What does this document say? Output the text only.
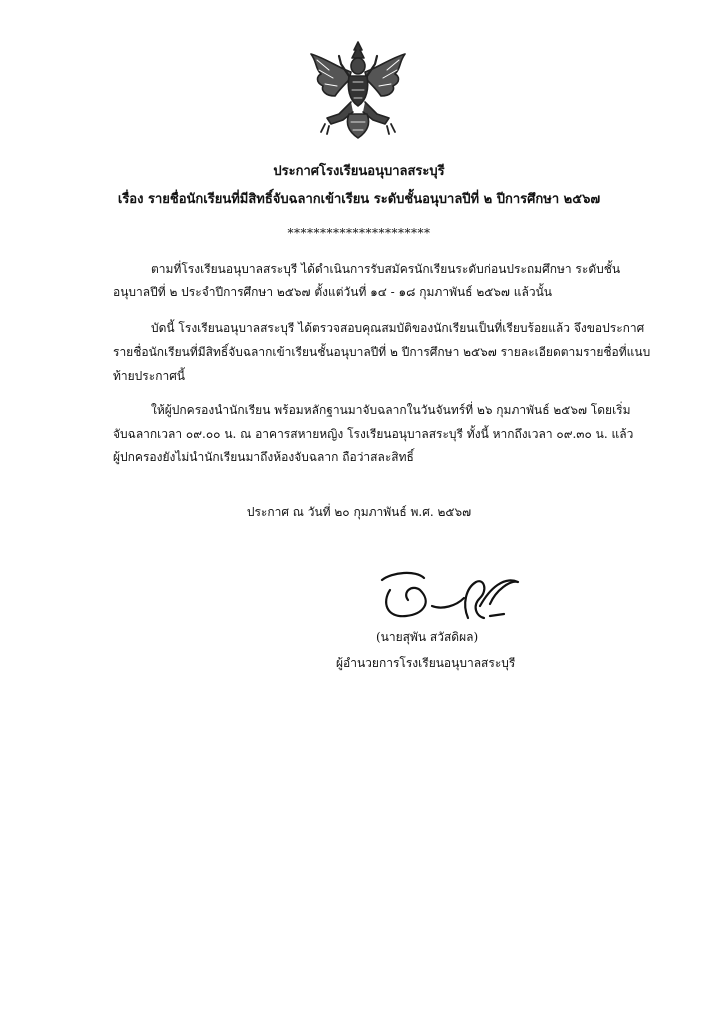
ประกาศโรงเรียนอนุบาลสระบุรี
เรื่อง รายชื่อนักเรียนที่มีสิทธิ์จับฉลากเข้าเรียน ระดับชั้นอนุบาลปีที่ ๒ ปีการศึกษา ๒๕๖๗
**********************
ตามที่โรงเรียนอนุบาลสระบุรี ได้ดำเนินการรับสมัครนักเรียนระดับก่อนประถมศึกษา ระดับชั้น
อนุบาลปีที่ ๒ ประจำปีการศึกษา ๒๕๖๗ ตั้งแต่วันที่ ๑๔ - ๑๘ กุมภาพันธ์ ๒๕๖๗ แล้วนั้น
บัดนี้ โรงเรียนอนุบาลสระบุรี ได้ตรวจสอบคุณสมบัติของนักเรียนเป็นที่เรียบร้อยแล้ว จึงขอประกาศ
รายชื่อนักเรียนที่มีสิทธิ์จับฉลากเข้าเรียนชั้นอนุบาลปีที่ ๒ ปีการศึกษา ๒๕๖๗ รายละเอียดตามรายชื่อที่แนบ
ท้ายประกาศนี้
ให้ผู้ปกครองนำนักเรียน พร้อมหลักฐานมาจับฉลากในวันจันทร์ที่ ๒๖ กุมภาพันธ์ ๒๕๖๗ โดยเริ่ม
จับฉลากเวลา ๐๙.๐๐ น. ณ อาคารสหายหญิง โรงเรียนอนุบาลสระบุรี ทั้งนี้ หากถึงเวลา ๐๙.๓๐ น. แล้ว
ผู้ปกครองยังไม่นำนักเรียนมาถึงห้องจับฉลาก ถือว่าสละสิทธิ์
ประกาศ ณ วันที่ ๒๐ กุมภาพันธ์ พ.ศ. ๒๕๖๗
(นายสุพัน สวัสดิผล)
ผู้อำนวยการโรงเรียนอนุบาลสระบุรี
